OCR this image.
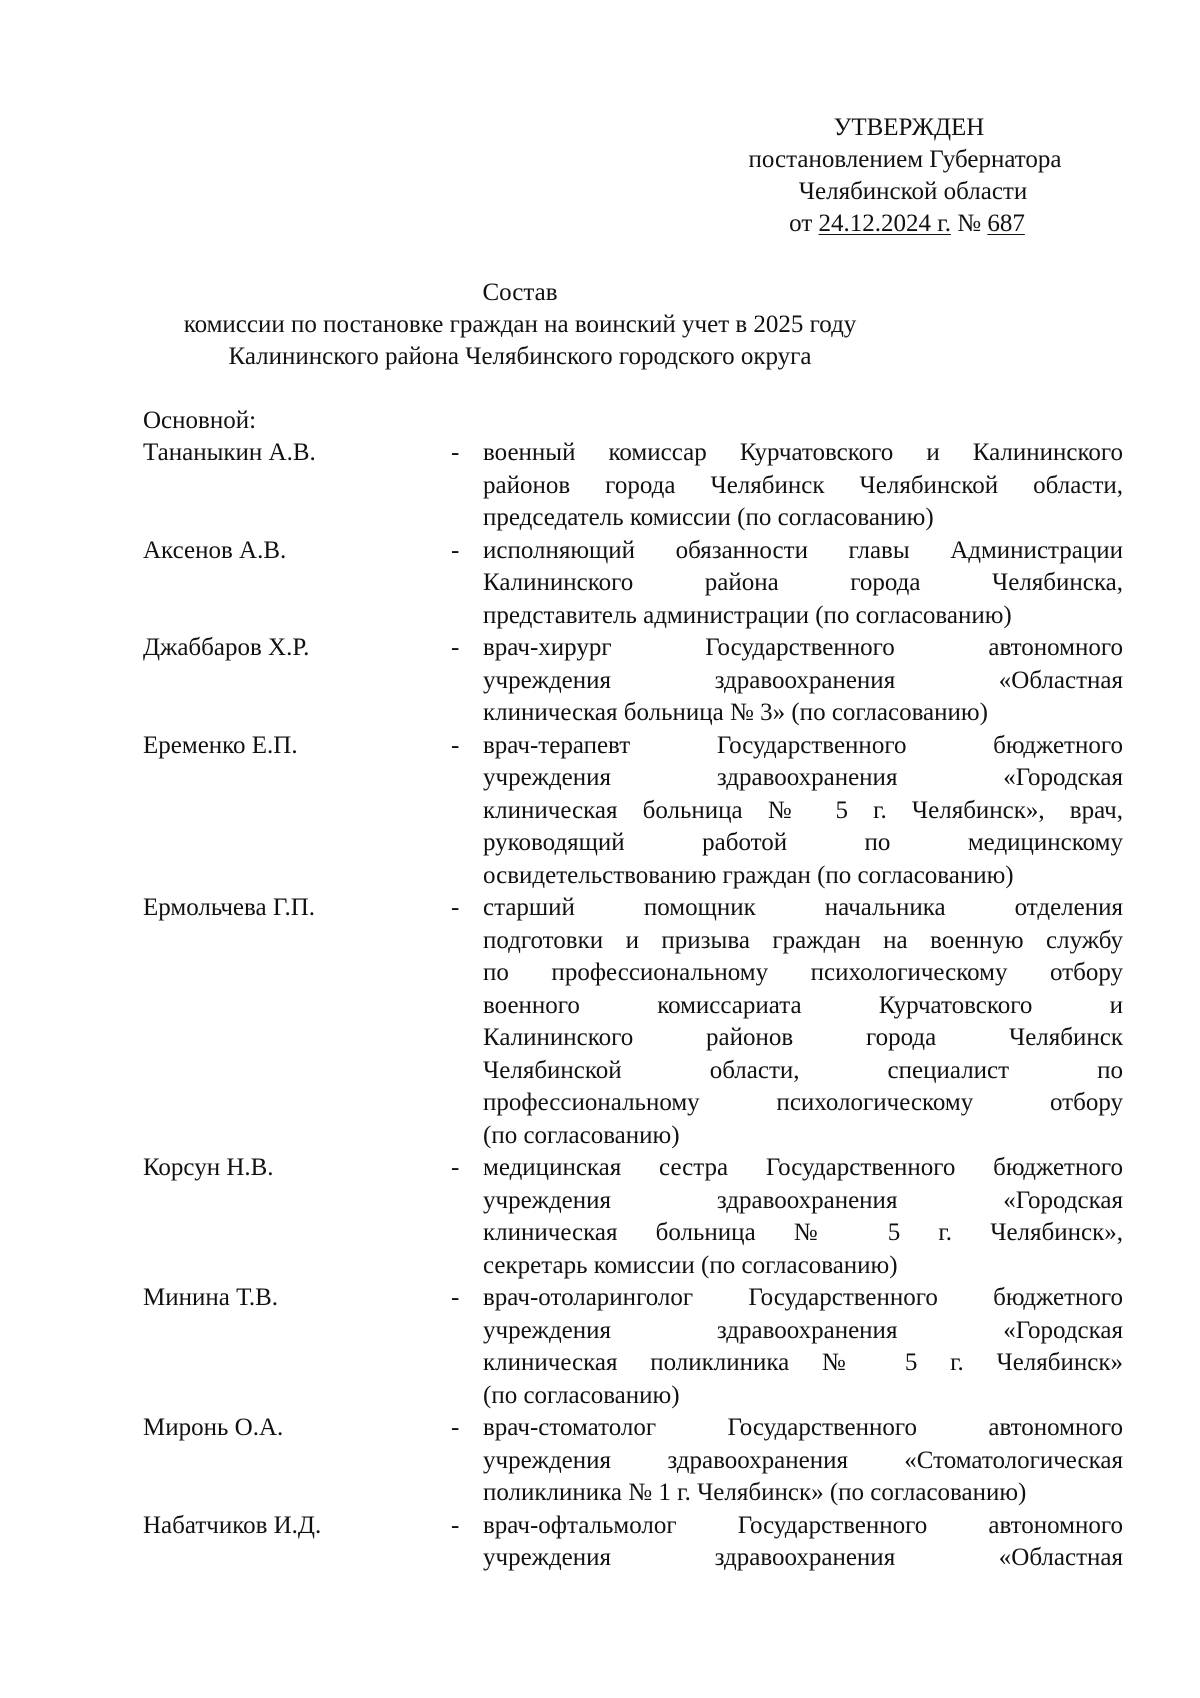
УТВЕРЖДЕН
постановлением Губернатора
Челябинской области
от 24.12.2024 г. № 687
Состав
комиссии по постановке граждан на воинский учет в 2025 году
Калининского района Челябинского городского округа
Основной:
Тананыкин А.В.	- военный комиссар Курчатовского и Калининского
районов города Челябинск Челябинской области,
председатель комиссии (по согласованию)
Аксенов А.В.	- исполняющий обязанности главы Администрации
Калининского района города Челябинска,
представитель администрации (по согласованию)
Джаббаров Х.Р.	- врач-хирург Государственного автономного
учреждения здравоохранения «Областная
клиническая больница № 3» (по согласованию)
Еременко Е.П.	- врач-терапевт Государственного бюджетного
учреждения здравоохранения «Городская
клиническая больница № 5 г. Челябинск», врач,
руководящий работой по медицинскому
освидетельствованию граждан (по согласованию)
Ермольчева Г.П.	- старший помощник начальника отделения
подготовки и призыва граждан на военную службу
по профессиональному психологическому отбору
военного комиссариата Курчатовского и
Калининского районов города Челябинск
Челябинской области, специалист по
профессиональному психологическому отбору
(по согласованию)
Корсун Н.В.	- медицинская сестра Государственного бюджетного
учреждения здравоохранения «Городская
клиническая больница № 5 г. Челябинск»,
секретарь комиссии (по согласованию)
Минина Т.В.	- врач-отоларинголог Государственного бюджетного
учреждения здравоохранения «Городская
клиническая поликлиника № 5 г. Челябинск»
(по согласованию)
Миронь О.А.	- врач-стоматолог Государственного автономного
учреждения здравоохранения «Стоматологическая
поликлиника № 1 г. Челябинск» (по согласованию)
Набатчиков И.Д.	- врач-офтальмолог Государственного автономного
учреждения здравоохранения «Областная
